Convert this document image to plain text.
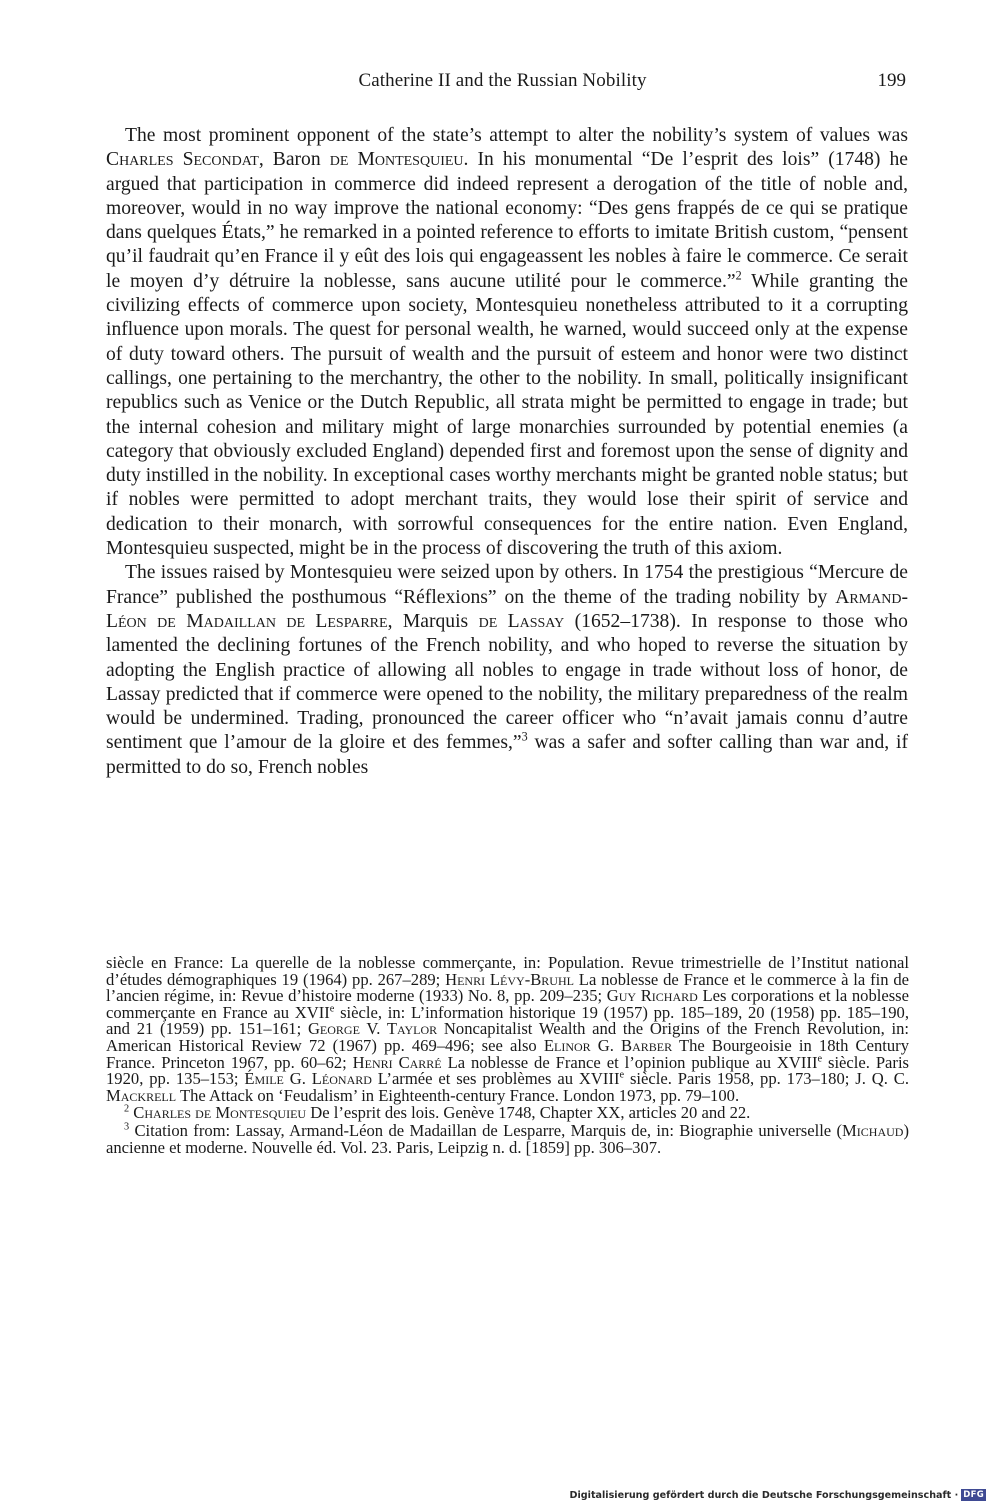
Catherine II and the Russian Nobility	199

The most prominent opponent of the state’s attempt to alter the nobility’s system of values was Charles Secondat, Baron de Montesquieu. In his monumental “De l’esprit des lois” (1748) he argued that participation in commerce did indeed represent a derogation of the title of noble and, moreover, would in no way improve the national economy: “Des gens frappés de ce qui se pratique dans quelques États,” he remarked in a pointed reference to efforts to imitate British custom, “pensent qu’il faudrait qu’en France il y eût des lois qui engageassent les nobles à faire le commerce. Ce serait le moyen d’y détruire la noblesse, sans aucune utilité pour le commerce.”$^2$ While granting the civilizing effects of commerce upon society, Montesquieu nonetheless attributed to it a corrupting influence upon morals. The quest for personal wealth, he warned, would succeed only at the expense of duty toward others. The pursuit of wealth and the pursuit of esteem and honor were two distinct callings, one pertaining to the merchantry, the other to the nobility. In small, politically insignificant republics such as Venice or the Dutch Republic, all strata might be permitted to engage in trade; but the internal cohesion and military might of large monarchies surrounded by potential enemies (a category that obviously excluded England) depended first and foremost upon the sense of dignity and duty instilled in the nobility. In exceptional cases worthy merchants might be granted noble status; but if nobles were permitted to adopt merchant traits, they would lose their spirit of service and dedication to their monarch, with sorrowful consequences for the entire nation. Even England, Montesquieu suspected, might be in the process of discovering the truth of this axiom.

The issues raised by Montesquieu were seized upon by others. In 1754 the prestigious “Mercure de France” published the posthumous “Réflexions” on the theme of the trading nobility by Armand-Léon de Madaillan de Lesparre, Marquis de Lassay (1652–1738). In response to those who lamented the declining fortunes of the French nobility, and who hoped to reverse the situation by adopting the English practice of allowing all nobles to engage in trade without loss of honor, de Lassay predicted that if commerce were opened to the nobility, the military preparedness of the realm would be undermined. Trading, pronounced the career officer who “n’avait jamais connu d’autre sentiment que l’amour de la gloire et des femmes,”$^3$ was a safer and softer calling than war and, if permitted to do so, French nobles

siècle en France: La querelle de la noblesse commerçante, in: Population. Revue trimestrielle de l’Institut national d’études démographiques 19 (1964) pp. 267–289; Henri Lévy-Bruhl La noblesse de France et le commerce à la fin de l’ancien régime, in: Revue d’histoire moderne (1933) No. 8, pp. 209–235; Guy Richard Les corporations et la noblesse commerçante en France au XVIIe siècle, in: L’information historique 19 (1957) pp. 185–189, 20 (1958) pp. 185–190, and 21 (1959) pp. 151–161; George V. Taylor Noncapitalist Wealth and the Origins of the French Revolution, in: American Historical Review 72 (1967) pp. 469–496; see also Elinor G. Barber The Bourgeoisie in 18th Century France. Princeton 1967, pp. 60–62; Henri Carré La noblesse de France et l’opinion publique au XVIIIe siècle. Paris 1920, pp. 135–153; Émile G. Léonard L’armée et ses problèmes au XVIIIe siècle. Paris 1958, pp. 173–180; J. Q. C. Mackrell The Attack on ‘Feudalism’ in Eighteenth-century France. London 1973, pp. 79–100.

$^2$ Charles de Montesquieu De l’esprit des lois. Genève 1748, Chapter XX, articles 20 and 22.

$^3$ Citation from: Lassay, Armand-Léon de Madaillan de Lesparre, Marquis de, in: Biographie universelle (Michaud) ancienne et moderne. Nouvelle éd. Vol. 23. Paris, Leipzig n. d. [1859] pp. 306–307.

Digitalisierung gefördert durch die Deutsche Forschungsgemeinschaft · DFG
